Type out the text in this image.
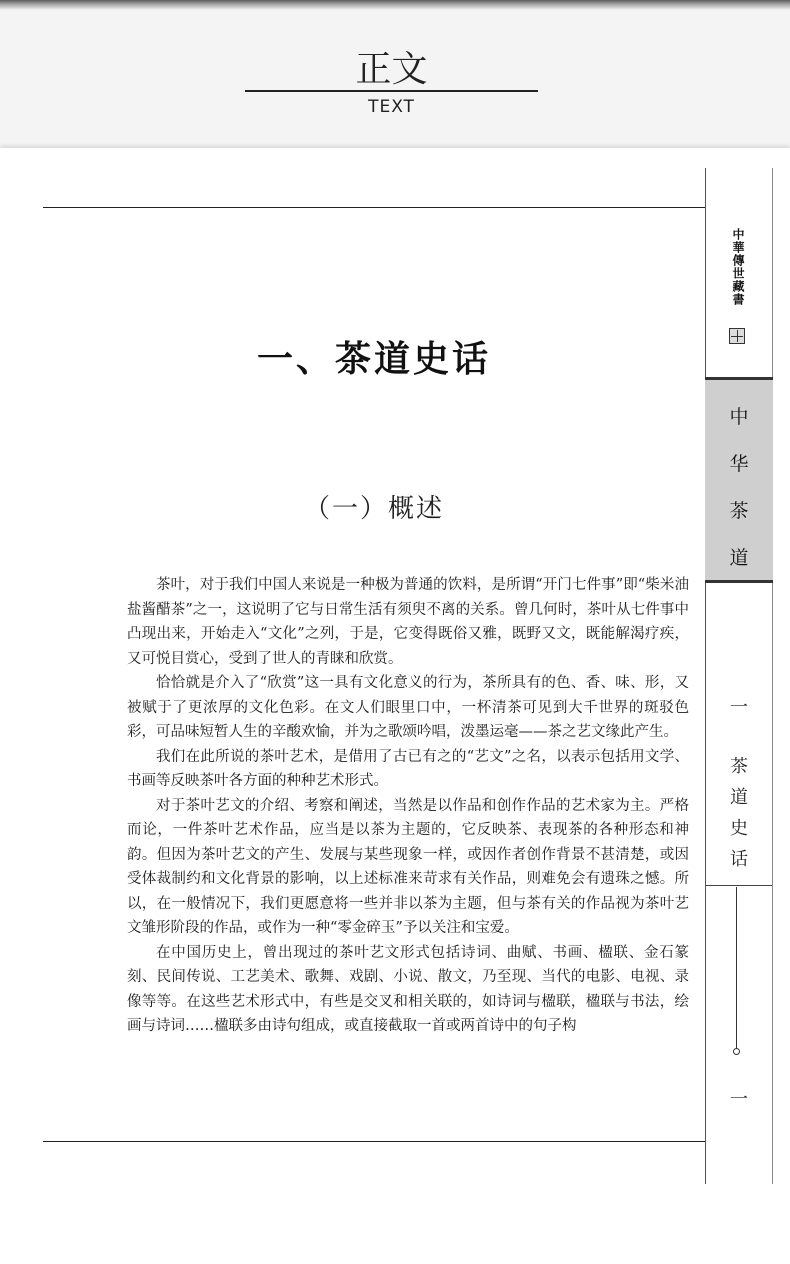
正文
TEXT
一、茶道史话
（一）概述

茶叶，对于我们中国人来说是一种极为普通的饮料，是所谓“开门七件事”即“柴米油盐酱醋茶”之一，这说明了它与日常生活有须臾不离的关系。曾几何时，茶叶从七件事中凸现出来，开始走入“文化”之列，于是，它变得既俗又雅，既野又文，既能解渴疗疾，又可悦目赏心，受到了世人的青睐和欣赏。

恰恰就是介入了“欣赏”这一具有文化意义的行为，茶所具有的色、香、味、形，又被赋于了更浓厚的文化色彩。在文人们眼里口中，一杯清茶可见到大千世界的斑驳色彩，可品味短暂人生的辛酸欢愉，并为之歌颂吟唱，泼墨运毫——茶之艺文缘此产生。

我们在此所说的茶叶艺术，是借用了古已有之的“艺文”之名，以表示包括用文学、书画等反映茶叶各方面的种种艺术形式。

对于茶叶艺文的介绍、考察和阐述，当然是以作品和创作作品的艺术家为主。严格而论，一件茶叶艺术作品，应当是以茶为主题的，它反映茶、表现茶的各种形态和神韵。但因为茶叶艺文的产生、发展与某些现象一样，或因作者创作背景不甚清楚，或因受体裁制约和文化背景的影响，以上述标准来苛求有关作品，则难免会有遗珠之憾。所以，在一般情况下，我们更愿意将一些并非以茶为主题，但与茶有关的作品视为茶叶艺文雏形阶段的作品，或作为一种“零金碎玉”予以关注和宝爱。

在中国历史上，曾出现过的茶叶艺文形式包括诗词、曲赋、书画、楹联、金石篆刻、民间传说、工艺美术、歌舞、戏剧、小说、散文，乃至现、当代的电影、电视、录像等等。在这些艺术形式中，有些是交叉和相关联的，如诗词与楹联，楹联与书法，绘画与诗词……楹联多由诗句组成，或直接截取一首或两首诗中的句子构

中華傳世藏書
中
华
茶
道
一
茶
道
史
话
一
